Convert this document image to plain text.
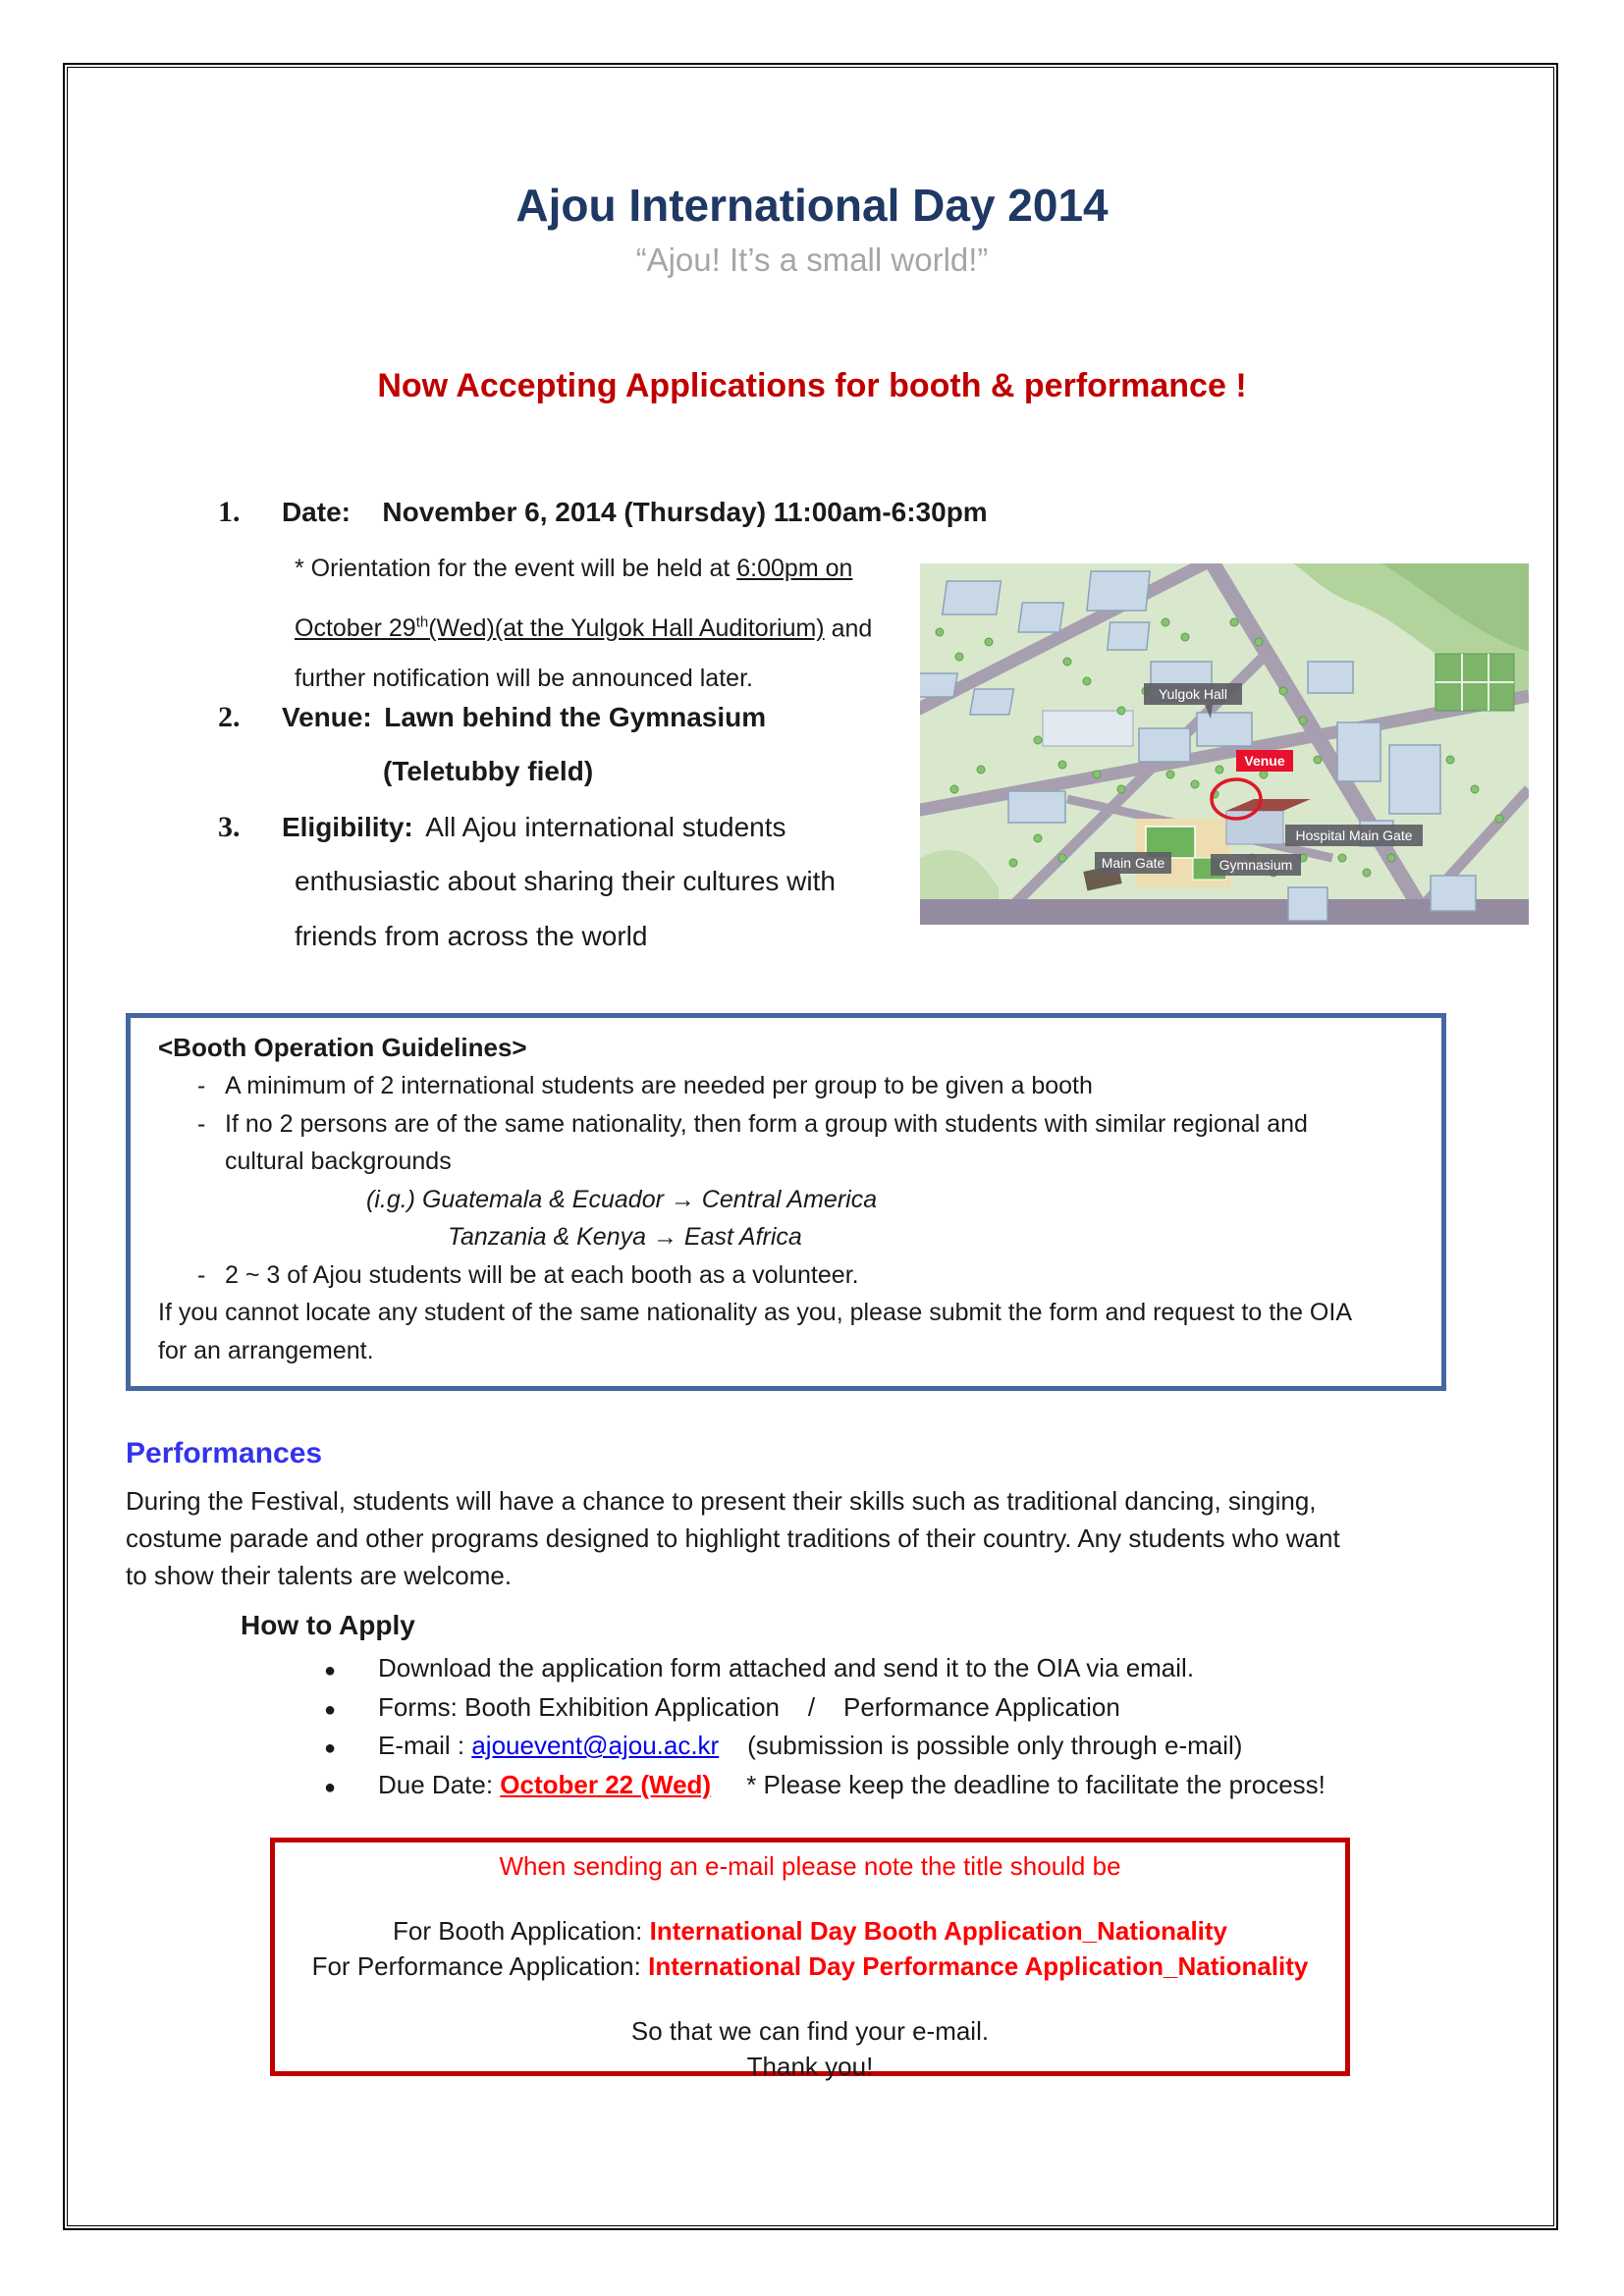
Ajou International Day 2014
“Ajou! It’s a small world!”
Now Accepting Applications for booth & performance !
1. Date: November 6, 2014 (Thursday) 11:00am-6:30pm
* Orientation for the event will be held at 6:00pm on
October 29th(Wed)(at the Yulgok Hall Auditorium) and
further notification will be announced later.
2. Venue: Lawn behind the Gymnasium
(Teletubby field)
3. Eligibility: All Ajou international students
enthusiastic about sharing their cultures with
friends from across the world
Yulgok Hall
Venue
Main Gate	Gymnasium
Hospital Main Gate
<Booth Operation Guidelines>
- A minimum of 2 international students are needed per group to be given a booth
- If no 2 persons are of the same nationality, then form a group with students with similar regional and
cultural backgrounds
(i.g.) Guatemala & Ecuador → Central America
Tanzania & Kenya → East Africa
- 2 ~ 3 of Ajou students will be at each booth as a volunteer.
If you cannot locate any student of the same nationality as you, please submit the form and request to the OIA
for an arrangement.
Performances
During the Festival, students will have a chance to present their skills such as traditional dancing, singing,
costume parade and other programs designed to highlight traditions of their country. Any students who want
to show their talents are welcome.
How to Apply
●	Download the application form attached and send it to the OIA via email.
●	Forms: Booth Exhibition Application    /    Performance Application
●	E-mail : ajouevent@ajou.ac.kr    (submission is possible only through e-mail)
●	Due Date: October 22 (Wed)     * Please keep the deadline to facilitate the process!
When sending an e-mail please note the title should be
For Booth Application: International Day Booth Application_Nationality
For Performance Application: International Day Performance Application_Nationality
So that we can find your e-mail.
Thank you!
